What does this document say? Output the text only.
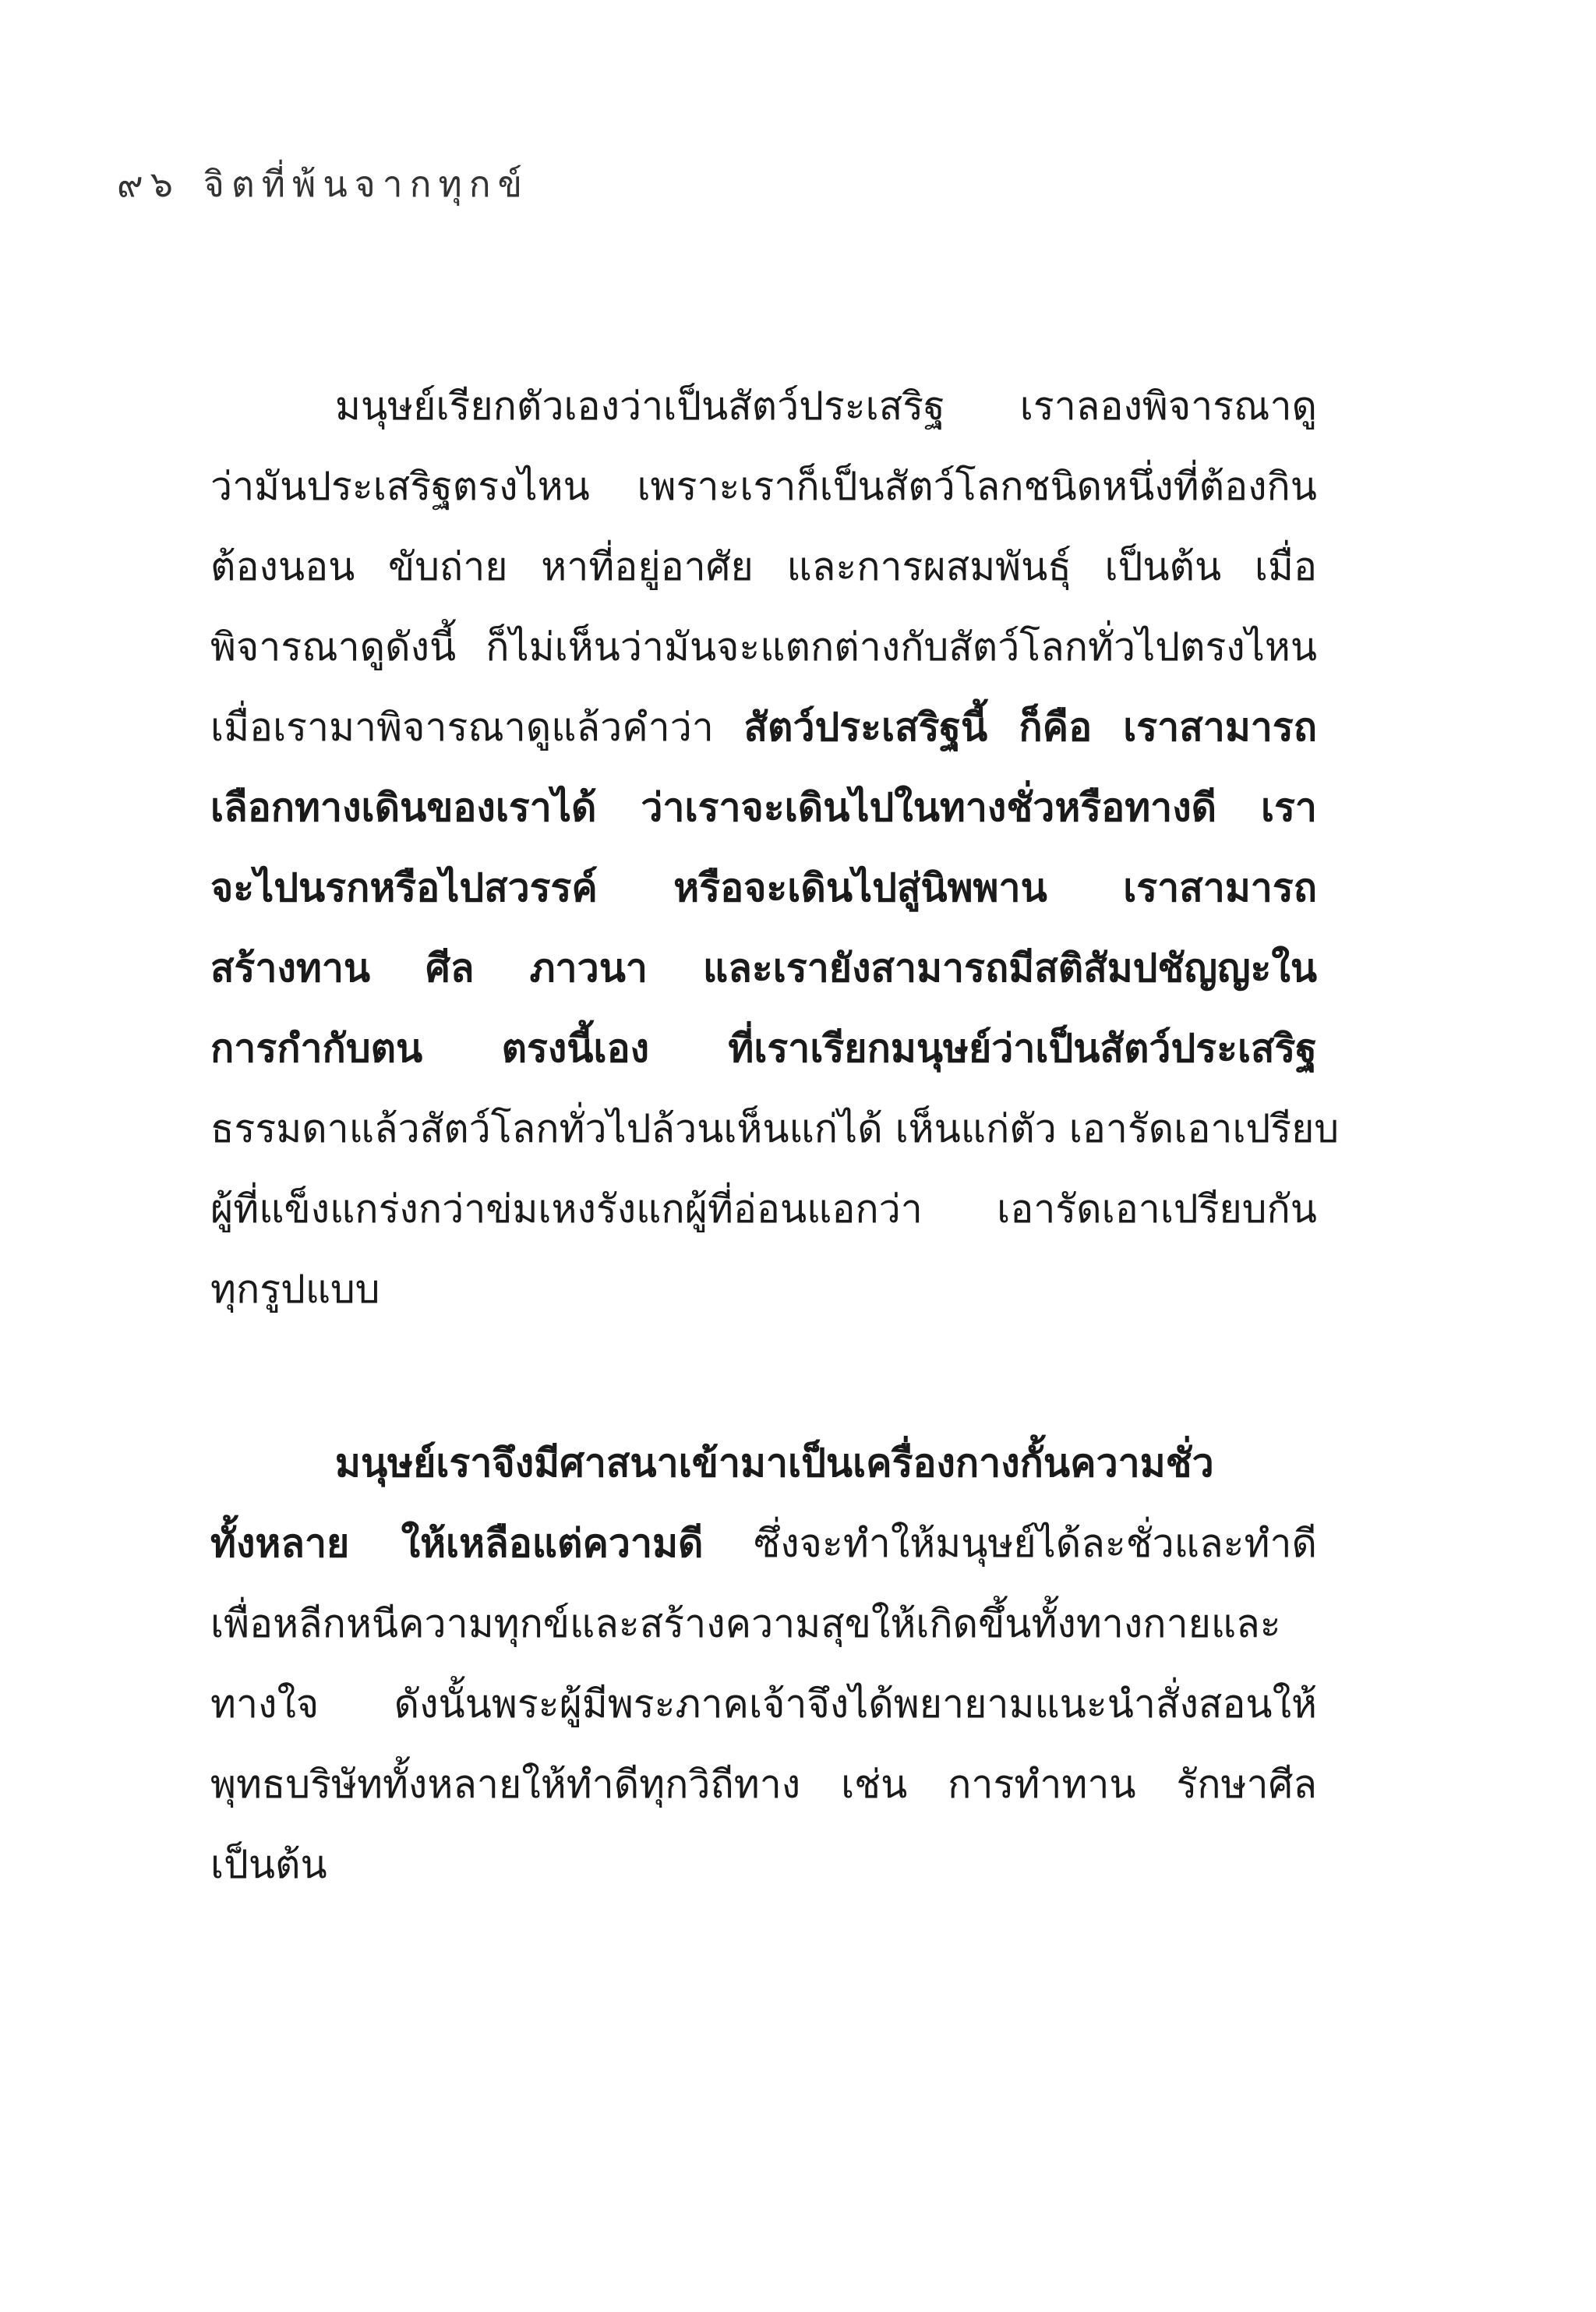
๙๖ จิตที่พ้นจากทุกข์
มนุษย์เรียกตัวเองว่าเป็นสัตว์ประเสริฐ เราลองพิจารณาดู
ว่ามันประเสริฐตรงไหน เพราะเราก็เป็นสัตว์โลกชนิดหนึ่งที่ต้องกิน
ต้องนอน ขับถ่าย หาที่อยู่อาศัย และการผสมพันธุ์ เป็นต้น เมื่อ
พิจารณาดูดังนี้ ก็ไม่เห็นว่ามันจะแตกต่างกับสัตว์โลกทั่วไปตรงไหน
เมื่อเรามาพิจารณาดูแล้วคำว่า สัตว์ประเสริฐนี้ ก็คือ เราสามารถ
เลือกทางเดินของเราได้ ว่าเราจะเดินไปในทางชั่วหรือทางดี เรา
จะไปนรกหรือไปสวรรค์ หรือจะเดินไปสู่นิพพาน เราสามารถ
สร้างทาน ศีล ภาวนา และเรายังสามารถมีสติสัมปชัญญะใน
การกำกับตน ตรงนี้เอง ที่เราเรียกมนุษย์ว่าเป็นสัตว์ประเสริฐ
ธรรมดาแล้วสัตว์โลกทั่วไปล้วนเห็นแก่ได้ เห็นแก่ตัว เอารัดเอาเปรียบ
ผู้ที่แข็งแกร่งกว่าข่มเหงรังแกผู้ที่อ่อนแอกว่า เอารัดเอาเปรียบกัน
ทุกรูปแบบ
มนุษย์เราจึงมีศาสนาเข้ามาเป็นเครื่องกางกั้นความชั่ว
ทั้งหลาย ให้เหลือแต่ความดี ซึ่งจะทำให้มนุษย์ได้ละชั่วและทำดี
เพื่อหลีกหนีความทุกข์และสร้างความสุขให้เกิดขึ้นทั้งทางกายและ
ทางใจ ดังนั้นพระผู้มีพระภาคเจ้าจึงได้พยายามแนะนำสั่งสอนให้
พุทธบริษัททั้งหลายให้ทำดีทุกวิถีทาง เช่น การทำทาน รักษาศีล
เป็นต้น
